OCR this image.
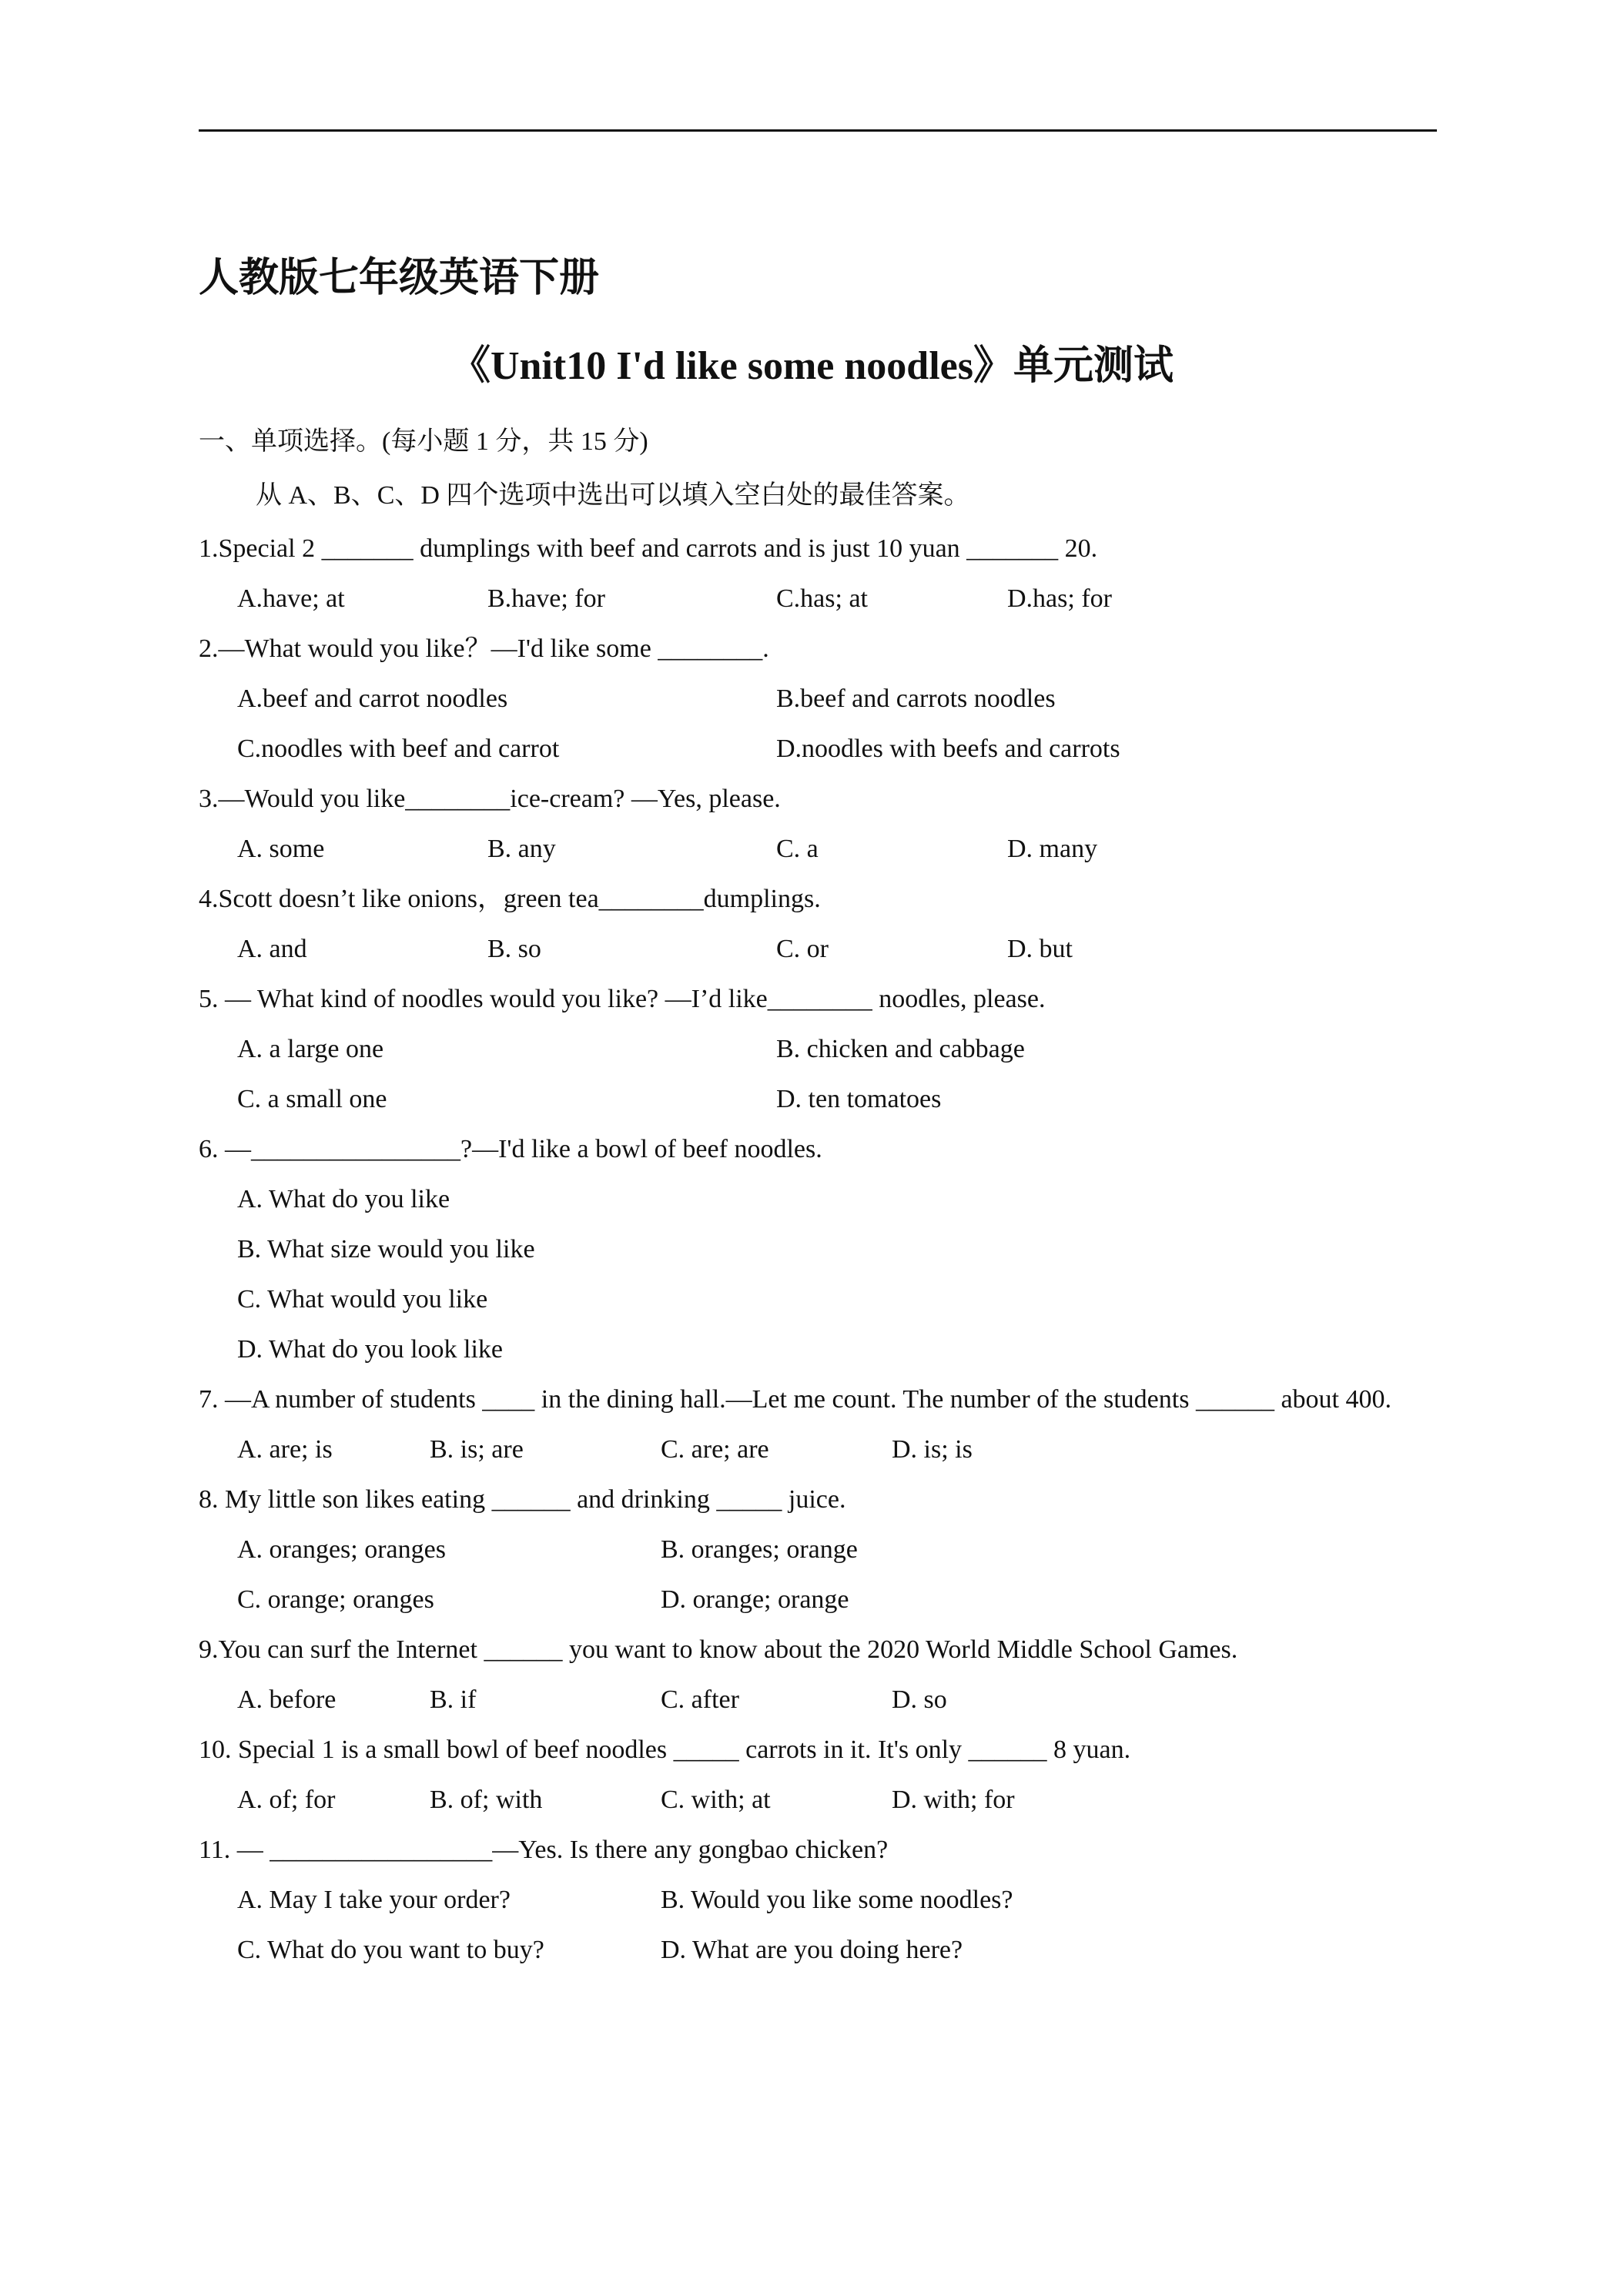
人教版七年级英语下册
《Unit10 I'd like some noodles》单元测试
一、单项选择。(每小题 1 分，共 15 分)
从 A、B、C、D 四个选项中选出可以填入空白处的最佳答案。
1.Special 2 _______ dumplings with beef and carrots and is just 10 yuan _______ 20.
A.have; at	B.have; for	C.has; at	D.has; for
2.—What would you like？—I'd like some ________.
A.beef and carrot noodles	B.beef and carrots noodles
C.noodles with beef and carrot	D.noodles with beefs and carrots
3.—Would you like________ice-cream? —Yes, please.
A. some	B. any	C. a	D. many
4.Scott doesn’t like onions，green tea________dumplings.
A. and	B. so	C. or	D. but
5. — What kind of noodles would you like? —I’d like________ noodles, please.
A. a large one	B. chicken and cabbage
C. a small one	D. ten tomatoes
6. —________________?—I'd like a bowl of beef noodles.
A. What do you like
B. What size would you like
C. What would you like
D. What do you look like
7. —A number of students ____ in the dining hall.—Let me count. The number of the students ______ about 400.
A. are; is	B. is; are	C. are; are	D. is; is
8. My little son likes eating ______ and drinking _____ juice.
A. oranges; oranges	B. oranges; orange
C. orange; oranges	D. orange; orange
9.You can surf the Internet ______ you want to know about the 2020 World Middle School Games.
A. before	B. if	C. after	D. so
10. Special 1 is a small bowl of beef noodles _____ carrots in it. It's only ______ 8 yuan.
A. of; for	B. of; with	C. with; at	D. with; for
11. — _________________—Yes. Is there any gongbao chicken?
A. May I take your order?	B. Would you like some noodles?
C. What do you want to buy?	D. What are you doing here?
